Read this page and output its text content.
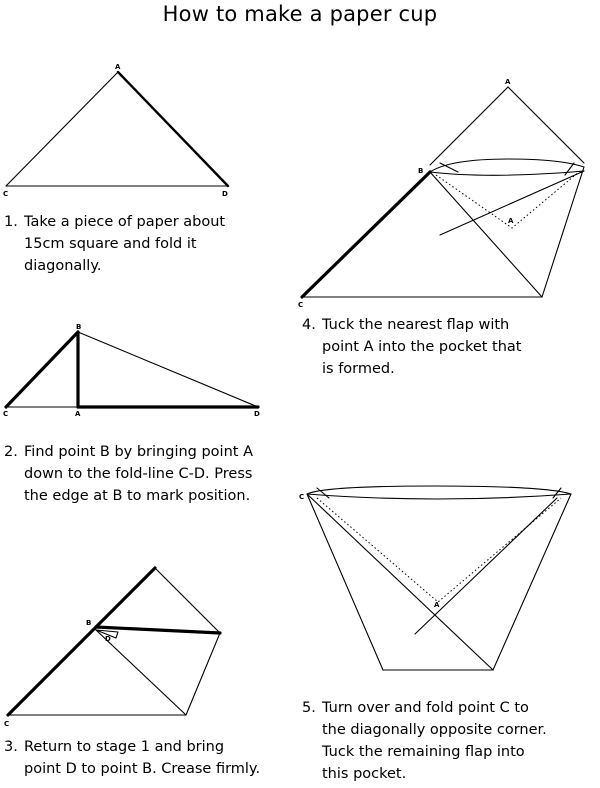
How to make a paper cup
A
C	D
1. Take a piece of paper about
15cm square and fold it
diagonally.
B
C	A	D
2. Find point B by bringing point A
down to the fold-line C-D. Press
the edge at B to mark position.
B
D
C
3. Return to stage 1 and bring
point D to point B. Crease firmly.
A
B
A
C
4. Tuck the nearest flap with
point A into the pocket that
is formed.
C
A
5. Turn over and fold point C to
the diagonally opposite corner.
Tuck the remaining flap into
this pocket.
